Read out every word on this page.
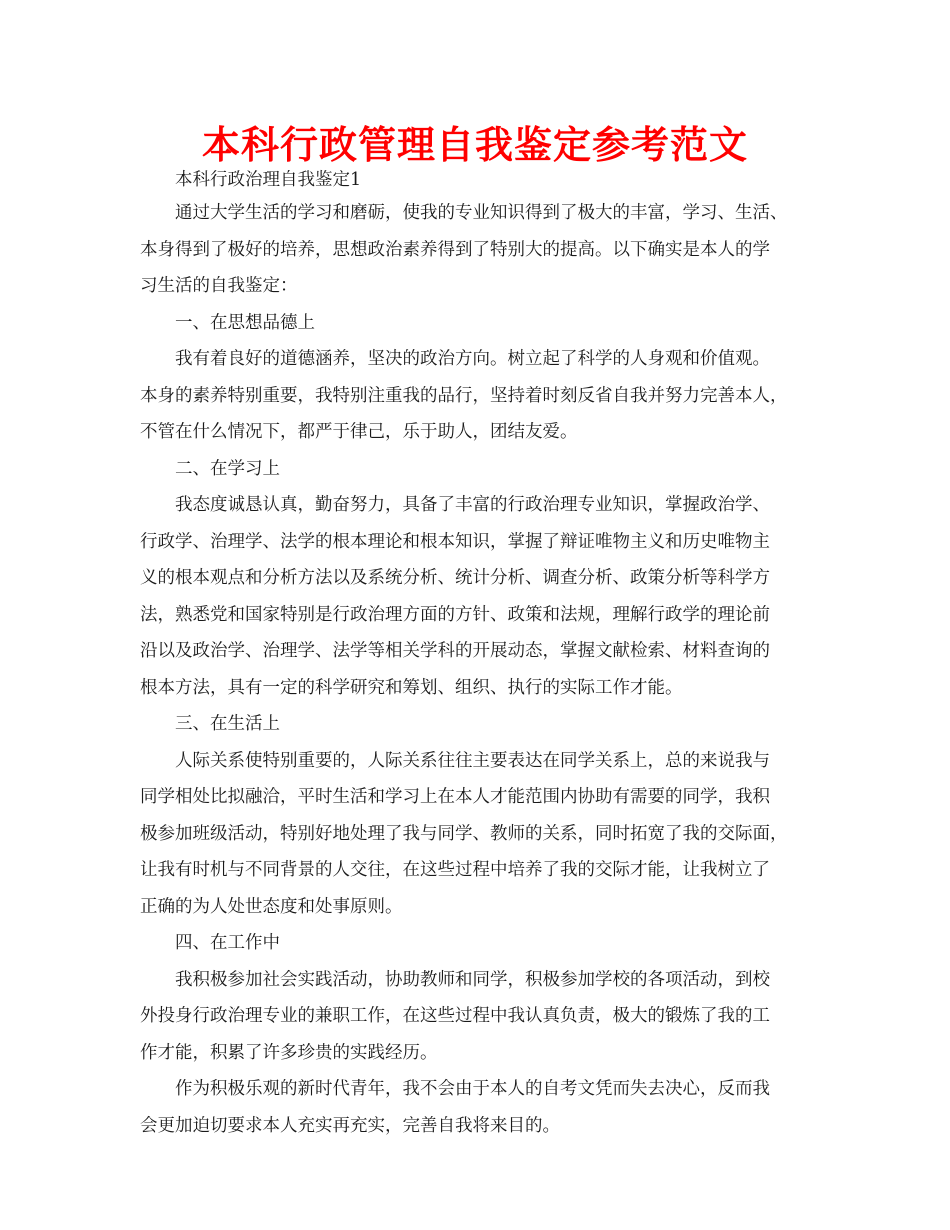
本科行政管理自我鉴定参考范文
本科行政治理自我鉴定1
通过大学生活的学习和磨砺，使我的专业知识得到了极大的丰富，学习、生活、
本身得到了极好的培养，思想政治素养得到了特别大的提高。以下确实是本人的学
习生活的自我鉴定：
一、在思想品德上
我有着良好的道德涵养，坚决的政治方向。树立起了科学的人身观和价值观。
本身的素养特别重要，我特别注重我的品行，坚持着时刻反省自我并努力完善本人，
不管在什么情况下，都严于律己，乐于助人，团结友爱。
二、在学习上
我态度诚恳认真，勤奋努力，具备了丰富的行政治理专业知识，掌握政治学、
行政学、治理学、法学的根本理论和根本知识，掌握了辩证唯物主义和历史唯物主
义的根本观点和分析方法以及系统分析、统计分析、调查分析、政策分析等科学方
法，熟悉党和国家特别是行政治理方面的方针、政策和法规，理解行政学的理论前
沿以及政治学、治理学、法学等相关学科的开展动态，掌握文献检索、材料查询的
根本方法，具有一定的科学研究和筹划、组织、执行的实际工作才能。
三、在生活上
人际关系使特别重要的，人际关系往往主要表达在同学关系上，总的来说我与
同学相处比拟融洽，平时生活和学习上在本人才能范围内协助有需要的同学，我积
极参加班级活动，特别好地处理了我与同学、教师的关系，同时拓宽了我的交际面，
让我有时机与不同背景的人交往，在这些过程中培养了我的交际才能，让我树立了
正确的为人处世态度和处事原则。
四、在工作中
我积极参加社会实践活动，协助教师和同学，积极参加学校的各项活动，到校
外投身行政治理专业的兼职工作，在这些过程中我认真负责，极大的锻炼了我的工
作才能，积累了许多珍贵的实践经历。
作为积极乐观的新时代青年，我不会由于本人的自考文凭而失去决心，反而我
会更加迫切要求本人充实再充实，完善自我将来目的。
